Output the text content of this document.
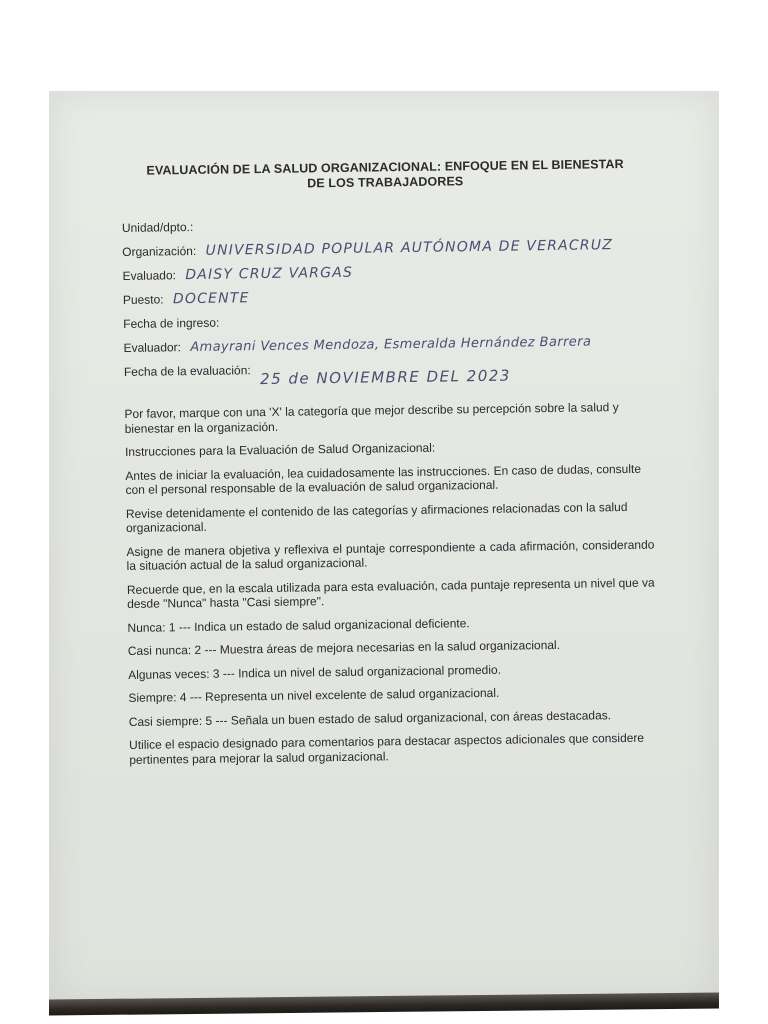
EVALUACIÓN DE LA SALUD ORGANIZACIONAL: ENFOQUE EN EL BIENESTAR
DE LOS TRABAJADORES
Unidad/dpto.:
Organización: UNIVERSIDAD POPULAR AUTÓNOMA DE VERACRUZ
Evaluado: DAISY CRUZ VARGAS
Puesto: DOCENTE
Fecha de ingreso:
Evaluador: Amayrani Vences Mendoza, Esmeralda Hernández Barrera
Fecha de la evaluación: 25 de NOVIEMBRE DEL 2023

Por favor, marque con una 'X' la categoría que mejor describe su percepción sobre la salud y bienestar en la organización.

Instrucciones para la Evaluación de Salud Organizacional:

Antes de iniciar la evaluación, lea cuidadosamente las instrucciones. En caso de dudas, consulte con el personal responsable de la evaluación de salud organizacional.

Revise detenidamente el contenido de las categorías y afirmaciones relacionadas con la salud organizacional.

Asigne de manera objetiva y reflexiva el puntaje correspondiente a cada afirmación, considerando la situación actual de la salud organizacional.

Recuerde que, en la escala utilizada para esta evaluación, cada puntaje representa un nivel que va desde "Nunca" hasta "Casi siempre".

Nunca: 1 --- Indica un estado de salud organizacional deficiente.

Casi nunca: 2 --- Muestra áreas de mejora necesarias en la salud organizacional.

Algunas veces: 3 --- Indica un nivel de salud organizacional promedio.

Siempre: 4 --- Representa un nivel excelente de salud organizacional.

Casi siempre: 5 --- Señala un buen estado de salud organizacional, con áreas destacadas.

Utilice el espacio designado para comentarios para destacar aspectos adicionales que considere pertinentes para mejorar la salud organizacional.
